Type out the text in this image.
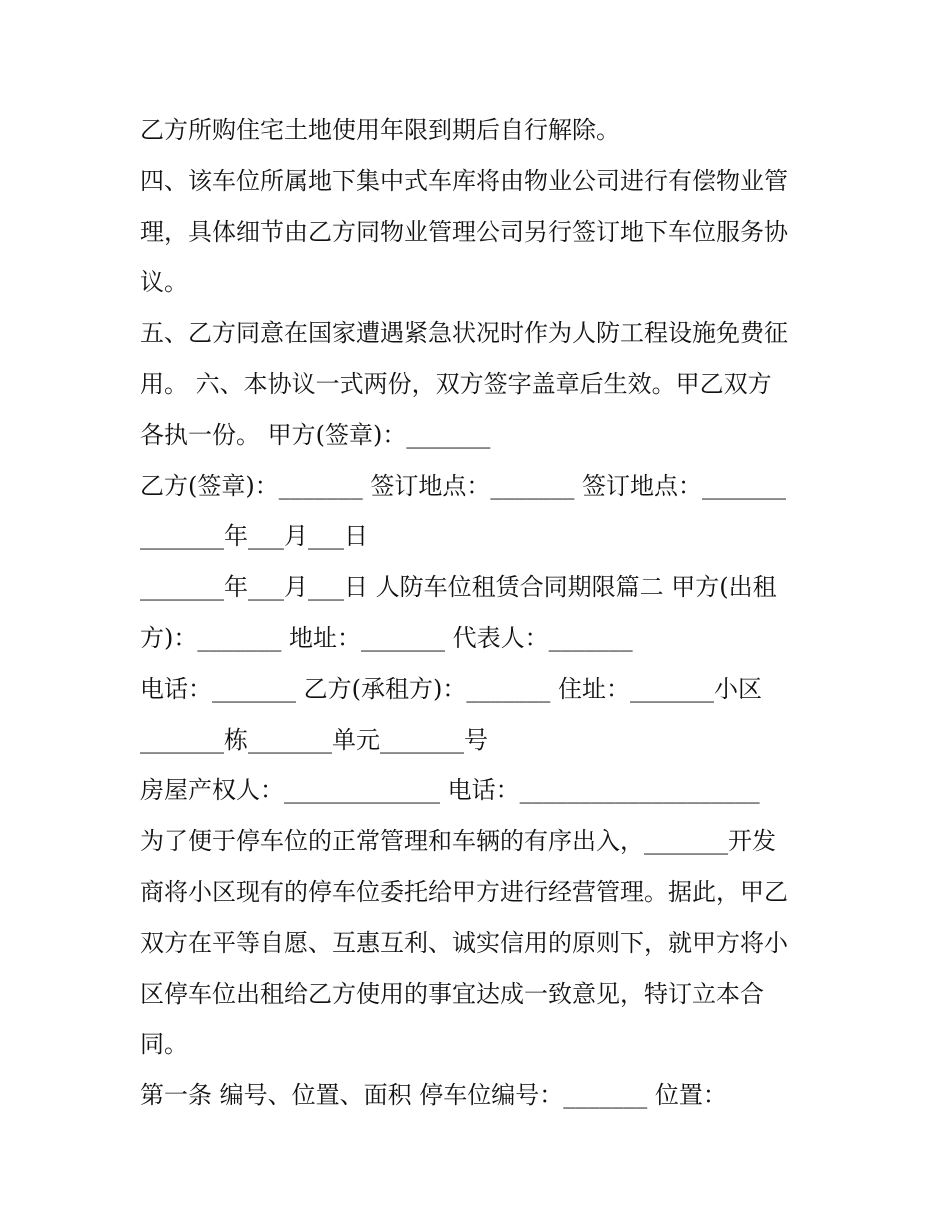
乙方所购住宅土地使用年限到期后自行解除。
四、该车位所属地下集中式车库将由物业公司进行有偿物业管
理，具体细节由乙方同物业管理公司另行签订地下车位服务协
议。
五、乙方同意在国家遭遇紧急状况时作为人防工程设施免费征
用。 六、本协议一式两份，双方签字盖章后生效。甲乙双方
各执一份。 甲方(签章)：_______
乙方(签章)：_______ 签订地点：_______ 签订地点：_______
_______年___月___日
_______年___月___日 人防车位租赁合同期限篇二 甲方(出租
方)：_______ 地址：_______ 代表人：_______
电话：_______ 乙方(承租方)：_______ 住址：_______小区
_______栋_______单元_______号
房屋产权人：_____________ 电话：____________________
为了便于停车位的正常管理和车辆的有序出入，_______开发
商将小区现有的停车位委托给甲方进行经营管理。据此，甲乙
双方在平等自愿、互惠互利、诚实信用的原则下，就甲方将小
区停车位出租给乙方使用的事宜达成一致意见，特订立本合
同。
第一条 编号、位置、面积 停车位编号：_______ 位置：
